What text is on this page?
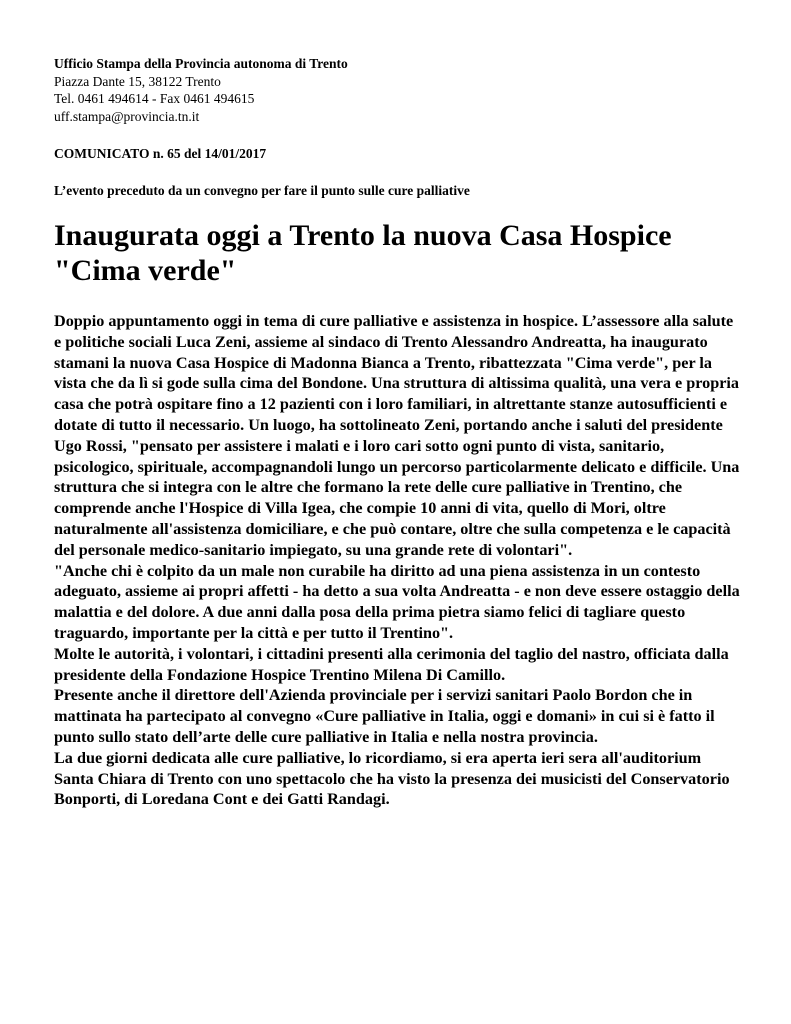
Ufficio Stampa della Provincia autonoma di Trento
Piazza Dante 15, 38122 Trento
Tel. 0461 494614 - Fax 0461 494615
uff.stampa@provincia.tn.it
COMUNICATO n. 65 del 14/01/2017
L’evento preceduto da un convegno per fare il punto sulle cure palliative
Inaugurata oggi a Trento la nuova Casa Hospice "Cima verde"

Doppio appuntamento oggi in tema di cure palliative e assistenza in hospice. L’assessore alla salute e politiche sociali Luca Zeni, assieme al sindaco di Trento Alessandro Andreatta, ha inaugurato stamani la nuova Casa Hospice di Madonna Bianca a Trento, ribattezzata "Cima verde", per la vista che da lì si gode sulla cima del Bondone. Una struttura di altissima qualità, una vera e propria casa che potrà ospitare fino a 12 pazienti con i loro familiari, in altrettante stanze autosufficienti e dotate di tutto il necessario. Un luogo, ha sottolineato Zeni, portando anche i saluti del presidente Ugo Rossi, "pensato per assistere i malati e i loro cari sotto ogni punto di vista, sanitario, psicologico, spirituale, accompagnandoli lungo un percorso particolarmente delicato e difficile. Una struttura che si integra con le altre che formano la rete delle cure palliative in Trentino, che comprende anche l'Hospice di Villa Igea, che compie 10 anni di vita, quello di Mori, oltre naturalmente all'assistenza domiciliare, e che può contare, oltre che sulla competenza e le capacità del personale medico-sanitario impiegato, su una grande rete di volontari".

"Anche chi è colpito da un male non curabile ha diritto ad una piena assistenza in un contesto adeguato, assieme ai propri affetti - ha detto a sua volta Andreatta - e non deve essere ostaggio della malattia e del dolore. A due anni dalla posa della prima pietra siamo felici di tagliare questo traguardo, importante per la città e per tutto il Trentino".

Molte le autorità, i volontari, i cittadini presenti alla cerimonia del taglio del nastro, officiata dalla presidente della Fondazione Hospice Trentino Milena Di Camillo.

Presente anche il direttore dell'Azienda provinciale per i servizi sanitari Paolo Bordon che in mattinata ha partecipato al convegno «Cure palliative in Italia, oggi e domani» in cui si è fatto il punto sullo stato dell’arte delle cure palliative in Italia e nella nostra provincia.

La due giorni dedicata alle cure palliative, lo ricordiamo, si era aperta ieri sera all'auditorium Santa Chiara di Trento con uno spettacolo che ha visto la presenza dei musicisti del Conservatorio Bonporti, di Loredana Cont e dei Gatti Randagi.
